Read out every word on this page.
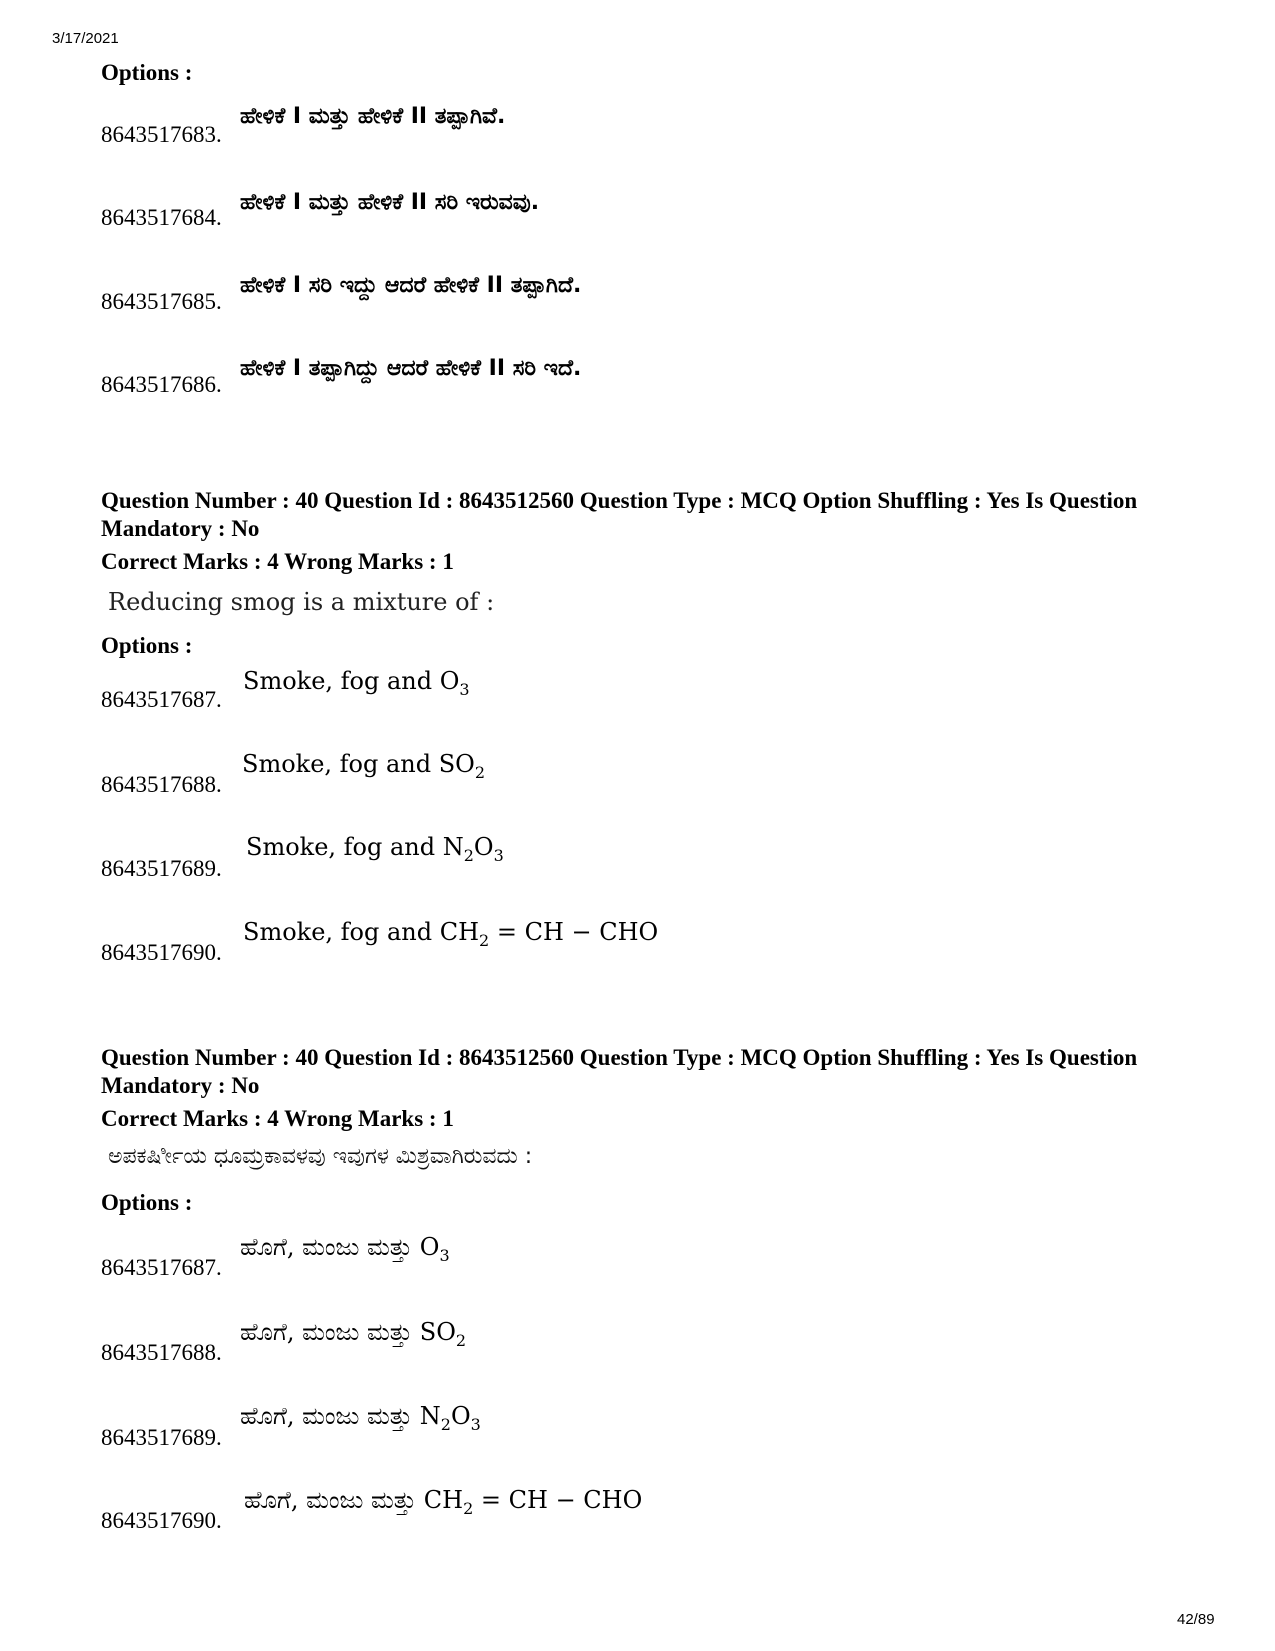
3/17/2021
Options :
8643517683.
ಹೇಳಿಕೆ I ಮತ್ತು ಹೇಳಿಕೆ II ತಪ್ಪಾಗಿವೆ.
8643517684.
ಹೇಳಿಕೆ I ಮತ್ತು ಹೇಳಿಕೆ II ಸರಿ ಇರುವವು.
8643517685.
ಹೇಳಿಕೆ I ಸರಿ ಇದ್ದು ಆದರೆ ಹೇಳಿಕೆ II ತಪ್ಪಾಗಿದೆ.
8643517686.
ಹೇಳಿಕೆ I ತಪ್ಪಾಗಿದ್ದು ಆದರೆ ಹೇಳಿಕೆ II ಸರಿ ಇದೆ.
Question Number : 40 Question Id : 8643512560 Question Type : MCQ Option Shuffling : Yes Is Question Mandatory : No
Correct Marks : 4 Wrong Marks : 1
Reducing smog is a mixture of :
Options :
8643517687.
Smoke, fog and $O_3$
8643517688.
Smoke, fog and $SO_2$
8643517689.
Smoke, fog and $N_2O_3$
8643517690.
Smoke, fog and $CH_2$ = CH − CHO
Question Number : 40 Question Id : 8643512560 Question Type : MCQ Option Shuffling : Yes Is Question Mandatory : No
Correct Marks : 4 Wrong Marks : 1
ಅಪಕರ್ಷಿೀಯ ಧೂಮ್ರಕಾವಳವು ಇವುಗಳ ಮಿಶ್ರವಾಗಿರುವದು :
Options :
8643517687.
ಹೊಗೆ, ಮಂಜು ಮತ್ತು $O_3$
8643517688.
ಹೊಗೆ, ಮಂಜು ಮತ್ತು $SO_2$
8643517689.
ಹೊಗೆ, ಮಂಜು ಮತ್ತು $N_2O_3$
8643517690.
ಹೊಗೆ, ಮಂಜು ಮತ್ತು $CH_2$ = CH − CHO
42/89
